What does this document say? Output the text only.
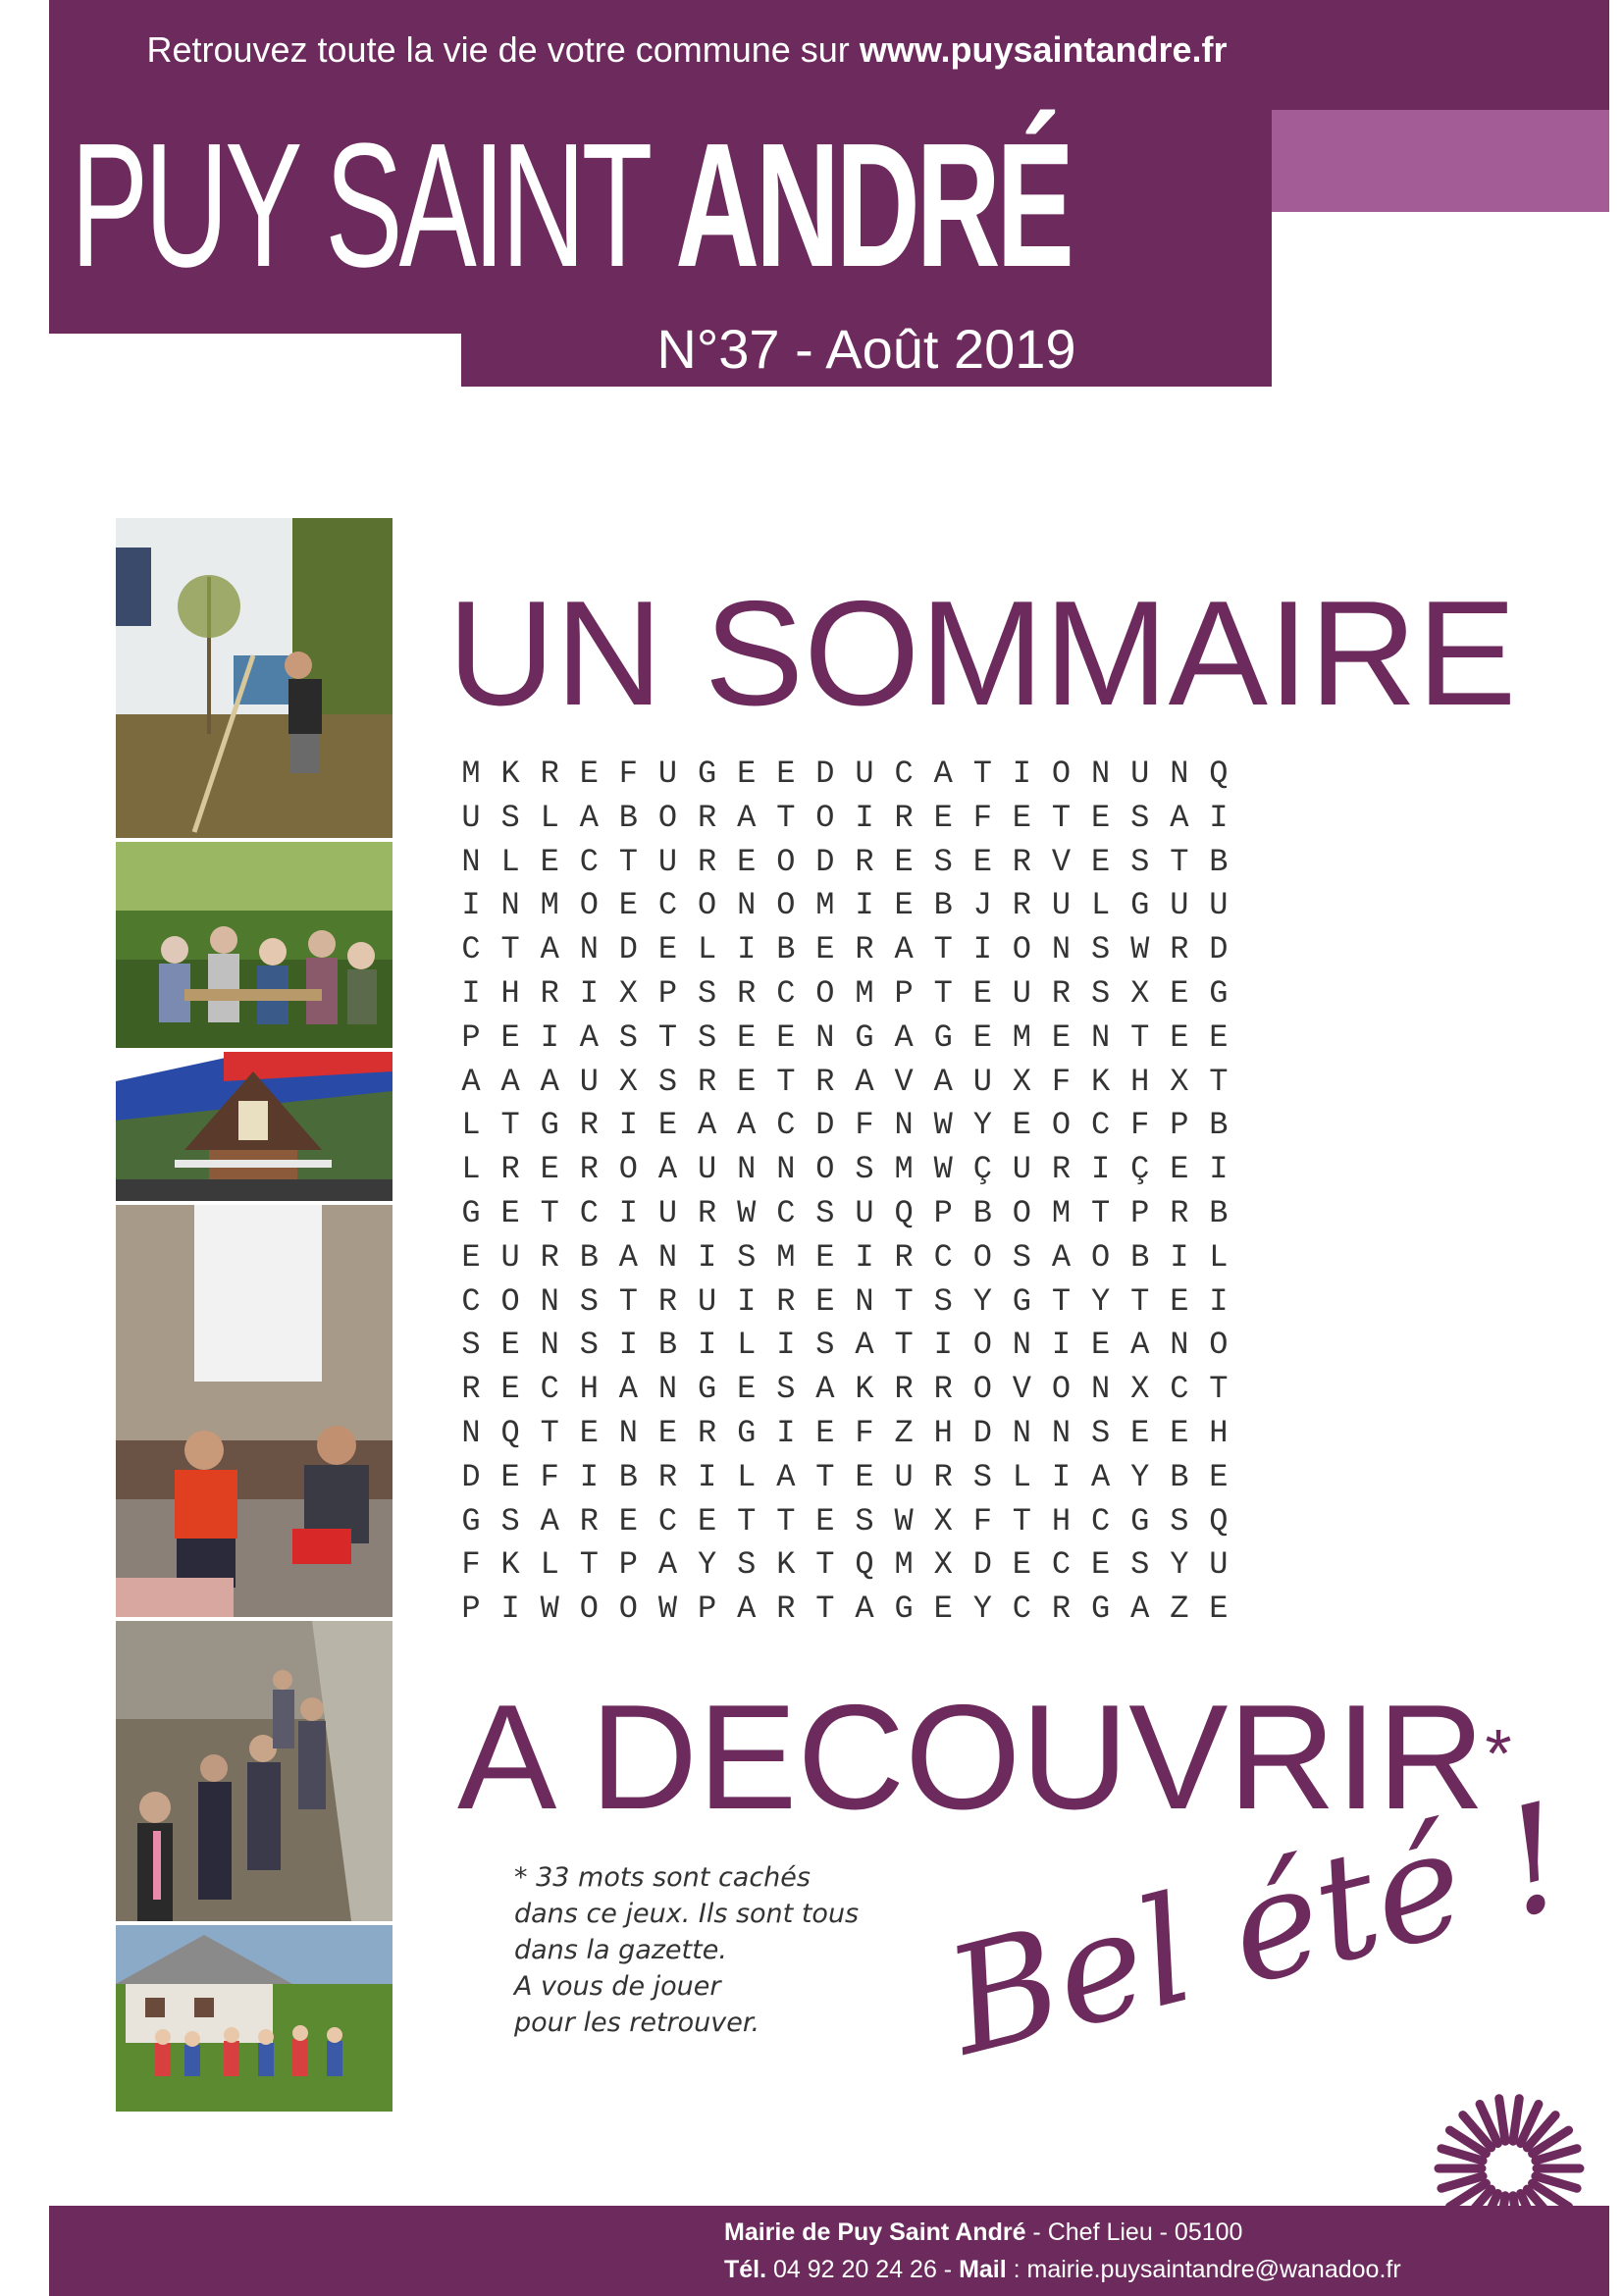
Retrouvez toute la vie de votre commune sur www.puysaintandre.fr
PUY SAINT ANDRÉ
N°37 - Août 2019
UN SOMMAIRE
M K R E F U G E E D U C A T I O N U N Q
U S L A B O R A T O I R E F E T E S A I
N L E C T U R E O D R E S E R V E S T B
I N M O E C O N O M I E B J R U L G U U
C T A N D E L I B E R A T I O N S W R D
I H R I X P S R C O M P T E U R S X E G
P E I A S T S E E N G A G E M E N T E E
A A A U X S R E T R A V A U X F K H X T
L T G R I E A A C D F N W Y E O C F P B
L R E R O A U N N O S M W Ç U R I Ç E I
G E T C I U R W C S U Q P B O M T P R B
E U R B A N I S M E I R C O S A O B I L
C O N S T R U I R E N T S Y G T Y T E I
S E N S I B I L I S A T I O N I E A N O
R E C H A N G E S A K R R O V O N X C T
N Q T E N E R G I E F Z H D N N S E E H
D E F I B R I L A T E U R S L I A Y B E
G S A R E C E T T E S W X F T H C G S Q
F K L T P A Y S K T Q M X D E C E S Y U
P I W O O W P A R T A G E Y C R G A Z E
A DECOUVRIR*
* 33 mots sont cachés
dans ce jeux. Ils sont tous
dans la gazette.
A vous de jouer
pour les retrouver.	Bel été !
Mairie de Puy Saint André - Chef Lieu - 05100
Tél. 04 92 20 24 26 - Mail : mairie.puysaintandre@wanadoo.fr
